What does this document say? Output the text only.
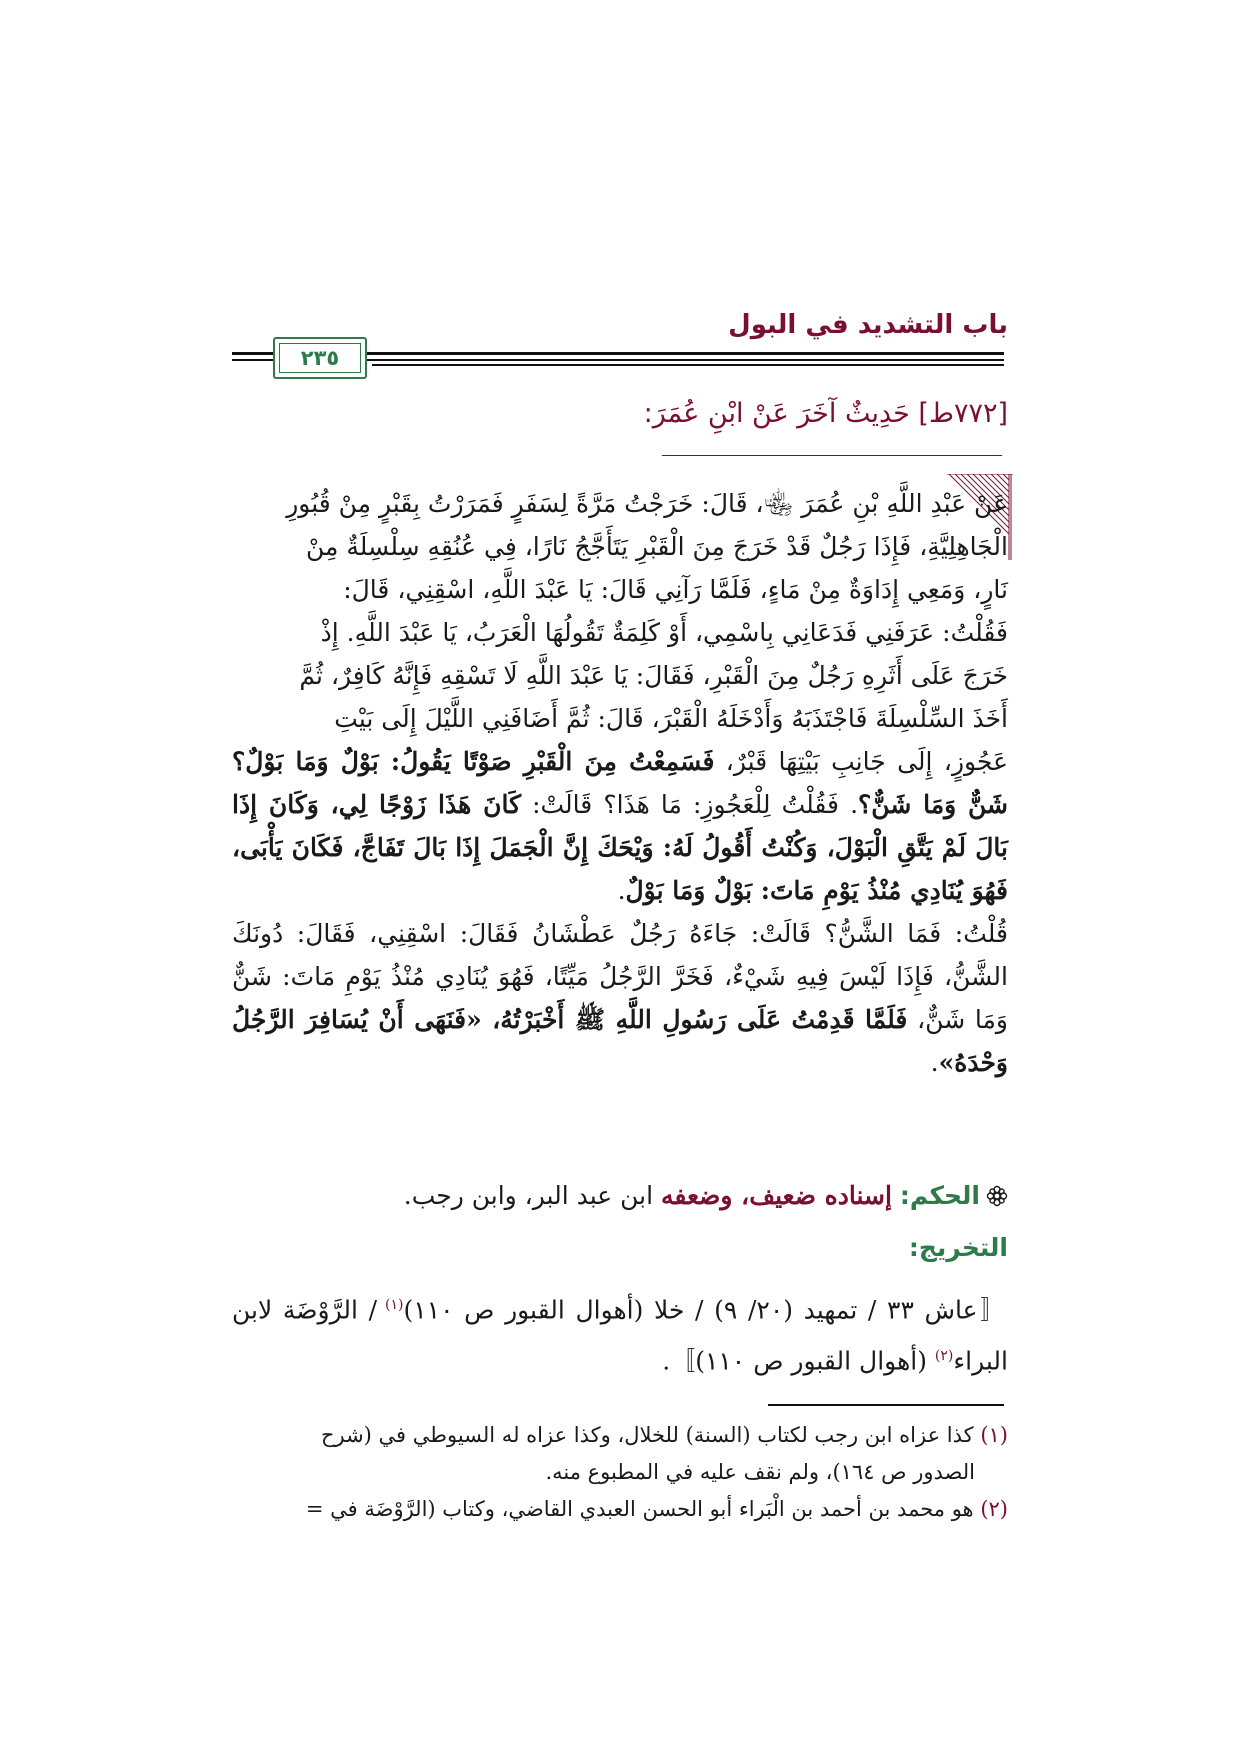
باب التشديد في البول
٢٣٥
[٧٧٢ط] حَدِيثٌ آخَرَ عَنْ ابْنِ عُمَرَ:

عَنْ عَبْدِ اللَّهِ بْنِ عُمَرَ ﵄، قَالَ: خَرَجْتُ مَرَّةً لِسَفَرٍ فَمَرَرْتُ بِقَبْرٍ مِنْ قُبُورِ

الْجَاهِلِيَّةِ، فَإِذَا رَجُلٌ قَدْ خَرَجَ مِنَ الْقَبْرِ يَتَأَجَّجُ نَارًا، فِي عُنُقِهِ سِلْسِلَةٌ مِنْ

نَارٍ، وَمَعِي إِدَاوَةٌ مِنْ مَاءٍ، فَلَمَّا رَآنِي قَالَ: يَا عَبْدَ اللَّهِ، اسْقِنِي، قَالَ:

فَقُلْتُ: عَرَفَنِي فَدَعَانِي بِاسْمِي، أَوْ كَلِمَةٌ تَقُولُهَا الْعَرَبُ، يَا عَبْدَ اللَّهِ. إِذْ

خَرَجَ عَلَى أَثَرِهِ رَجُلٌ مِنَ الْقَبْرِ، فَقَالَ: يَا عَبْدَ اللَّهِ لَا تَسْقِهِ فَإِنَّهُ كَافِرٌ، ثُمَّ

أَخَذَ السِّلْسِلَةَ فَاجْتَذَبَهُ وَأَدْخَلَهُ الْقَبْرَ، قَالَ: ثُمَّ أَضَافَنِي اللَّيْلَ إِلَى بَيْتِ

عَجُوزٍ، إِلَى جَانِبِ بَيْتِهَا قَبْرٌ، فَسَمِعْتُ مِنَ الْقَبْرِ صَوْتًا يَقُولُ: بَوْلٌ وَمَا بَوْلٌ؟ شَنٌّ وَمَا شَنٌّ؟. فَقُلْتُ لِلْعَجُوزِ: مَا هَذَا؟ قَالَتْ: كَانَ هَذَا زَوْجًا لِي، وَكَانَ إِذَا بَالَ لَمْ يَتَّقِ الْبَوْلَ، وَكُنْتُ أَقُولُ لَهُ: وَيْحَكَ إِنَّ الْجَمَلَ إِذَا بَالَ تَفَاجَّ، فَكَانَ يَأْبَى، فَهُوَ يُنَادِي مُنْذُ يَوْمِ مَاتَ: بَوْلٌ وَمَا بَوْلٌ.

قُلْتُ: فَمَا الشَّنُّ؟ قَالَتْ: جَاءَهُ رَجُلٌ عَطْشَانُ فَقَالَ: اسْقِنِي، فَقَالَ: دُونَكَ الشَّنُّ، فَإِذَا لَيْسَ فِيهِ شَيْءٌ، فَخَرَّ الرَّجُلُ مَيِّتًا، فَهُوَ يُنَادِي مُنْذُ يَوْمِ مَاتَ: شَنٌّ وَمَا شَنٌّ، فَلَمَّا قَدِمْتُ عَلَى رَسُولِ اللَّهِ ﷺ أَخْبَرْتُهُ، «فَنَهَى أَنْ يُسَافِرَ الرَّجُلُ وَحْدَهُ».

الحكم: إسناده ضعيف، وضعفه ابن عبد البر، وابن رجب.
التخريج:

〚عاش ٣٣ / تمهيد (٢٠/ ٩) / خلا (أهوال القبور ص ١١٠)$^{(١)}$ / الرَّوْضَة لابن البراء$^{(٢)}$ (أهوال القبور ص ١١٠)〛.

(١) كذا عزاه ابن رجب لكتاب (السنة) للخلال، وكذا عزاه له السيوطي في (شرح
الصدور ص ١٦٤)، ولم نقف عليه في المطبوع منه.

(٢) هو محمد بن أحمد بن الْبَراء أبو الحسن العبدي القاضي، وكتاب (الرَّوْضَة في =
